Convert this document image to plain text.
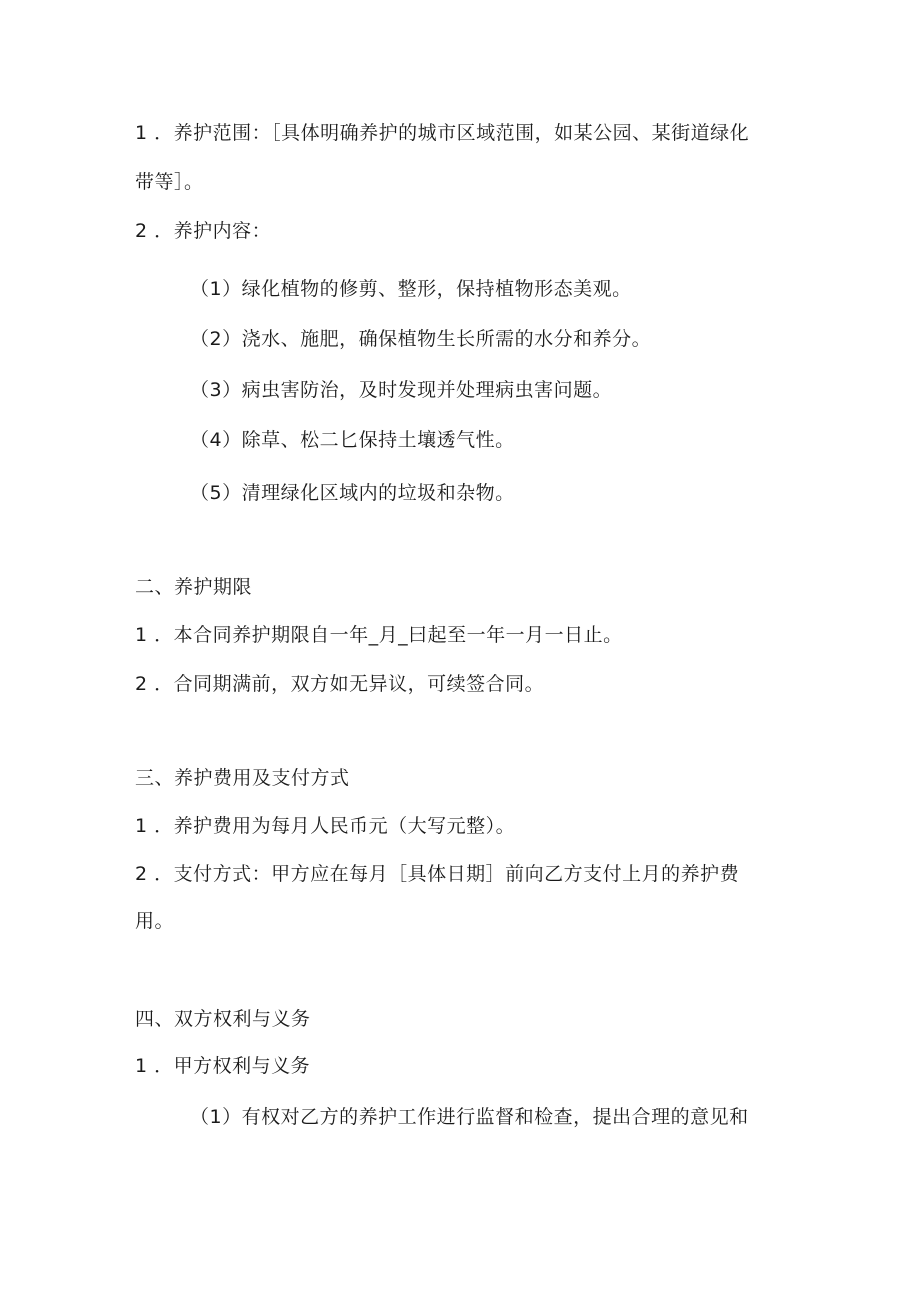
1 ．养护范围：［具体明确养护的城市区域范围，如某公园、某街道绿化
带等］。
2 ．养护内容：
（1）绿化植物的修剪、整形，保持植物形态美观。
（2）浇水、施肥，确保植物生长所需的水分和养分。
（3）病虫害防治，及时发现并处理病虫害问题。
（4）除草、松二匕保持土壤透气性。
（5）清理绿化区域内的垃圾和杂物。
二、养护期限
1 ．本合同养护期限自一年_月_曰起至一年一月一日止。
2 ．合同期满前，双方如无异议，可续签合同。
三、养护费用及支付方式
1 ．养护费用为每月人民币元（大写元整）。
2 ．支付方式：甲方应在每月［具体日期］前向乙方支付上月的养护费
用。
四、双方权利与义务
1 ．甲方权利与义务
（1）有权对乙方的养护工作进行监督和检查，提出合理的意见和
